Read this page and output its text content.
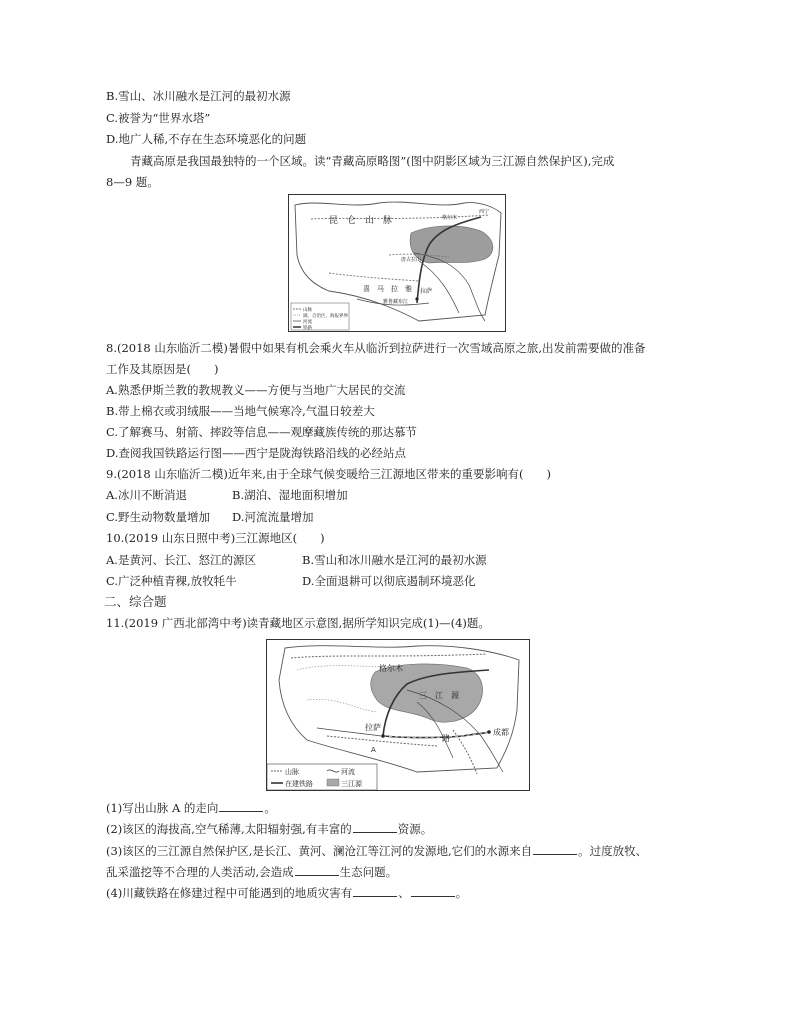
B.雪山、冰川融水是江河的最初水源
C.被誉为“世界水塔”
D.地广人稀,不存在生态环境恶化的问题
青藏高原是我国最独特的一个区域。读“青藏高原略图”(图中阴影区域为三江源自然保护区),完成
8—9 题。
昆　仑　山　脉	格尔木
西宁
唐古拉山
喜　马　拉　雅 拉萨
雅鲁藏布江
山脉
湖、自治区、海报界界
河流
铁路
8.(2018 山东临沂二模)暑假中如果有机会乘火车从临沂到拉萨进行一次雪域高原之旅,出发前需要做的准备
工作及其原因是(　　)
A.熟悉伊斯兰教的教规教义——方便与当地广大居民的交流
B.带上棉衣或羽绒服——当地气候寒冷,气温日较差大
C.了解赛马、射箭、摔跤等信息——观摩藏族传统的那达慕节
D.查阅我国铁路运行图——西宁是陇海铁路沿线的必经站点
9.(2018 山东临沂二模)近年来,由于全球气候变暖给三江源地区带来的重要影响有(　　)
A.冰川不断消退	B.湖泊、湿地面积增加
C.野生动物数量增加 D.河流流量增加
10.(2019 山东日照中考)三江源地区(　　)
A.是黄河、长江、怒江的源区	B.雪山和冰川融水是江河的最初水源
C.广泛种植青稞,放牧牦牛	D.全面退耕可以彻底遏制环境恶化
二、综合题
11.(2019 广西北部湾中考)读青藏地区示意图,据所学知识完成(1)—(4)题。
A
格尔木
三　江　源
拉萨
路
成都
山脉	河流
在建铁路	三江源
(1)写出山脉 A 的走向	。
(2)该区的海拔高,空气稀薄,太阳辐射强,有丰富的	资源。
(3)该区的三江源自然保护区,是长江、黄河、澜沧江等江河的发源地,它们的水源来自	。过度放牧、
乱采滥挖等不合理的人类活动,会造成	生态问题。
(4)川藏铁路在修建过程中可能遇到的地质灾害有	、	。
